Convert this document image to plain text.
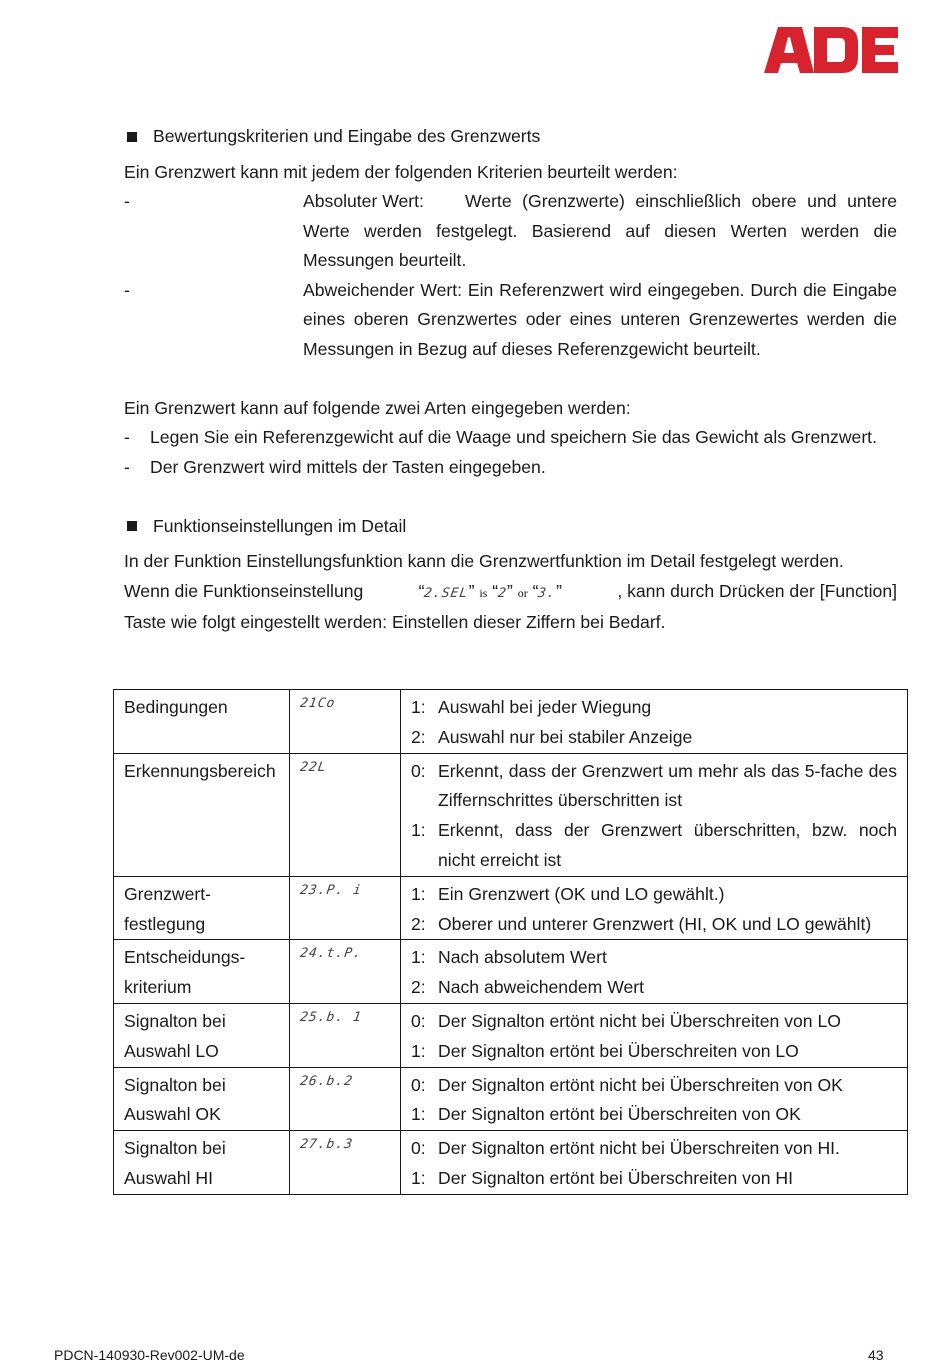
Bewertungskriterien und Eingabe des Grenzwerts
Ein Grenzwert kann mit jedem der folgenden Kriterien beurteilt werden:
-	Absoluter Wert: Werte (Grenzwerte) einschließlich obere und untere Werte werden festgelegt. Basierend auf diesen Werten werden die Messungen beurteilt.
-	Abweichender Wert: Ein Referenzwert wird eingegeben. Durch die Eingabe eines oberen Grenzwertes oder eines unteren Grenzewertes werden die Messungen in Bezug auf dieses Referenzgewicht beurteilt.
Ein Grenzwert kann auf folgende zwei Arten eingegeben werden:
-	Legen Sie ein Referenzgewicht auf die Waage und speichern Sie das Gewicht als Grenzwert.
-	Der Grenzwert wird mittels der Tasten eingegeben.
Funktionseinstellungen im Detail
In der Funktion Einstellungsfunktion kann die Grenzwertfunktion im Detail festgelegt werden.
Wenn die Funktionseinstellung	“2.SEL” is “2” or “3.”	, kann durch Drücken der [Function]
Taste wie folgt eingestellt werden: Einstellen dieser Ziffern bei Bedarf.
Bedingungen	21Co	1: Auswahl bei jeder Wiegung
2: Auswahl nur bei stabiler Anzeige

Erkennungsbereich	22L	0: Erkennt, dass der Grenzwert um mehr als das 5-fache des Ziffernschrittes überschritten ist
1: Erkennt, dass der Grenzwert überschritten, bzw. noch nicht erreicht ist

Grenzwert-festlegung	23.P. i	1: Ein Grenzwert (OK und LO gewählt.)
2: Oberer und unterer Grenzwert (HI, OK und LO gewählt)

Entscheidungs-kriterium	24.t.P.	1: Nach absolutem Wert
2: Nach abweichendem Wert

Signalton bei Auswahl LO	25.b. 1	0: Der Signalton ertönt nicht bei Überschreiten von LO
1: Der Signalton ertönt bei Überschreiten von LO

Signalton bei Auswahl OK	26.b.2	0: Der Signalton ertönt nicht bei Überschreiten von OK
1: Der Signalton ertönt bei Überschreiten von OK

Signalton bei Auswahl HI	27.b.3	0: Der Signalton ertönt nicht bei Überschreiten von HI.
1: Der Signalton ertönt bei Überschreiten von HI
PDCN-140930-Rev002-UM-de	43
